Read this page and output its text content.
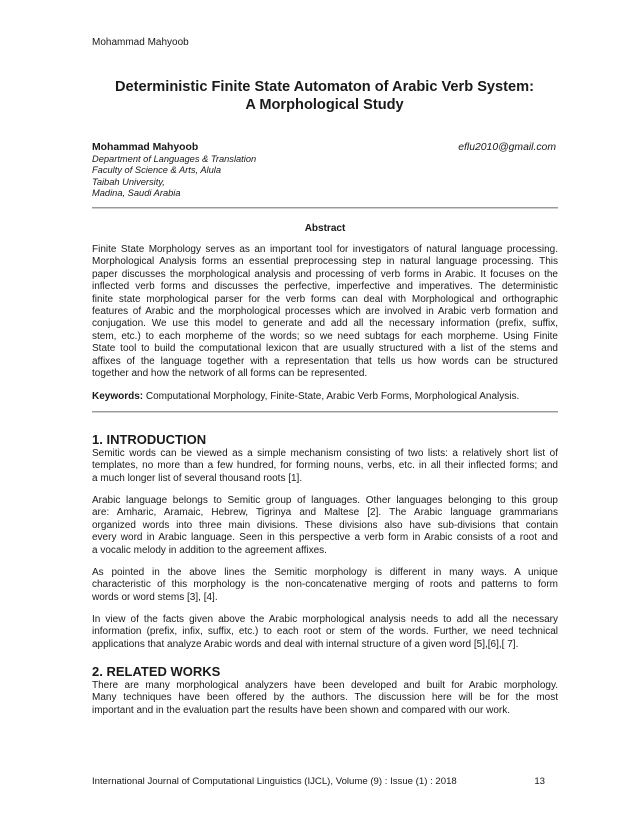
Mohammad Mahyoob
Deterministic Finite State Automaton of Arabic Verb System:
A Morphological Study
Mohammad Mahyoob	eflu2010@gmail.com
Department of Languages & Translation
Faculty of Science & Arts, Alula
Taibah University,
Madina, Saudi Arabia
Abstract
Finite State Morphology serves as an important tool for investigators of natural language processing.
Morphological Analysis forms an essential preprocessing step in natural language processing. This
paper discusses the morphological analysis and processing of verb forms in Arabic. It focuses on the
inflected verb forms and discusses the perfective, imperfective and imperatives. The deterministic
finite state morphological parser for the verb forms can deal with Morphological and orthographic
features of Arabic and the morphological processes which are involved in Arabic verb formation and
conjugation. We use this model to generate and add all the necessary information (prefix, suffix,
stem, etc.) to each morpheme of the words; so we need subtags for each morpheme. Using Finite
State tool to build the computational lexicon that are usually structured with a list of the stems and
affixes of the language together with a representation that tells us how words can be structured
together and how the network of all forms can be represented.
Keywords: Computational Morphology, Finite-State, Arabic Verb Forms, Morphological Analysis.
1. INTRODUCTION
Semitic words can be viewed as a simple mechanism consisting of two lists: a relatively short list of
templates, no more than a few hundred, for forming nouns, verbs, etc. in all their inflected forms; and
a much longer list of several thousand roots [1].
Arabic language belongs to Semitic group of languages. Other languages belonging to this group
are: Amharic, Aramaic, Hebrew, Tigrinya and Maltese [2]. The Arabic language grammarians
organized words into three main divisions. These divisions also have sub-divisions that contain
every word in Arabic language. Seen in this perspective a verb form in Arabic consists of a root and
a vocalic melody in addition to the agreement affixes.
As pointed in the above lines the Semitic morphology is different in many ways. A unique
characteristic of this morphology is the non-concatenative merging of roots and patterns to form
words or word stems [3], [4].
In view of the facts given above the Arabic morphological analysis needs to add all the necessary
information (prefix, infix, suffix, etc.) to each root or stem of the words. Further, we need technical
applications that analyze Arabic words and deal with internal structure of a given word [5],[6],[ 7].
2. RELATED WORKS
There are many morphological analyzers have been developed and built for Arabic morphology.
Many techniques have been offered by the authors. The discussion here will be for the most
important and in the evaluation part the results have been shown and compared with our work.
International Journal of Computational Linguistics (IJCL), Volume (9) : Issue (1) : 2018	13
